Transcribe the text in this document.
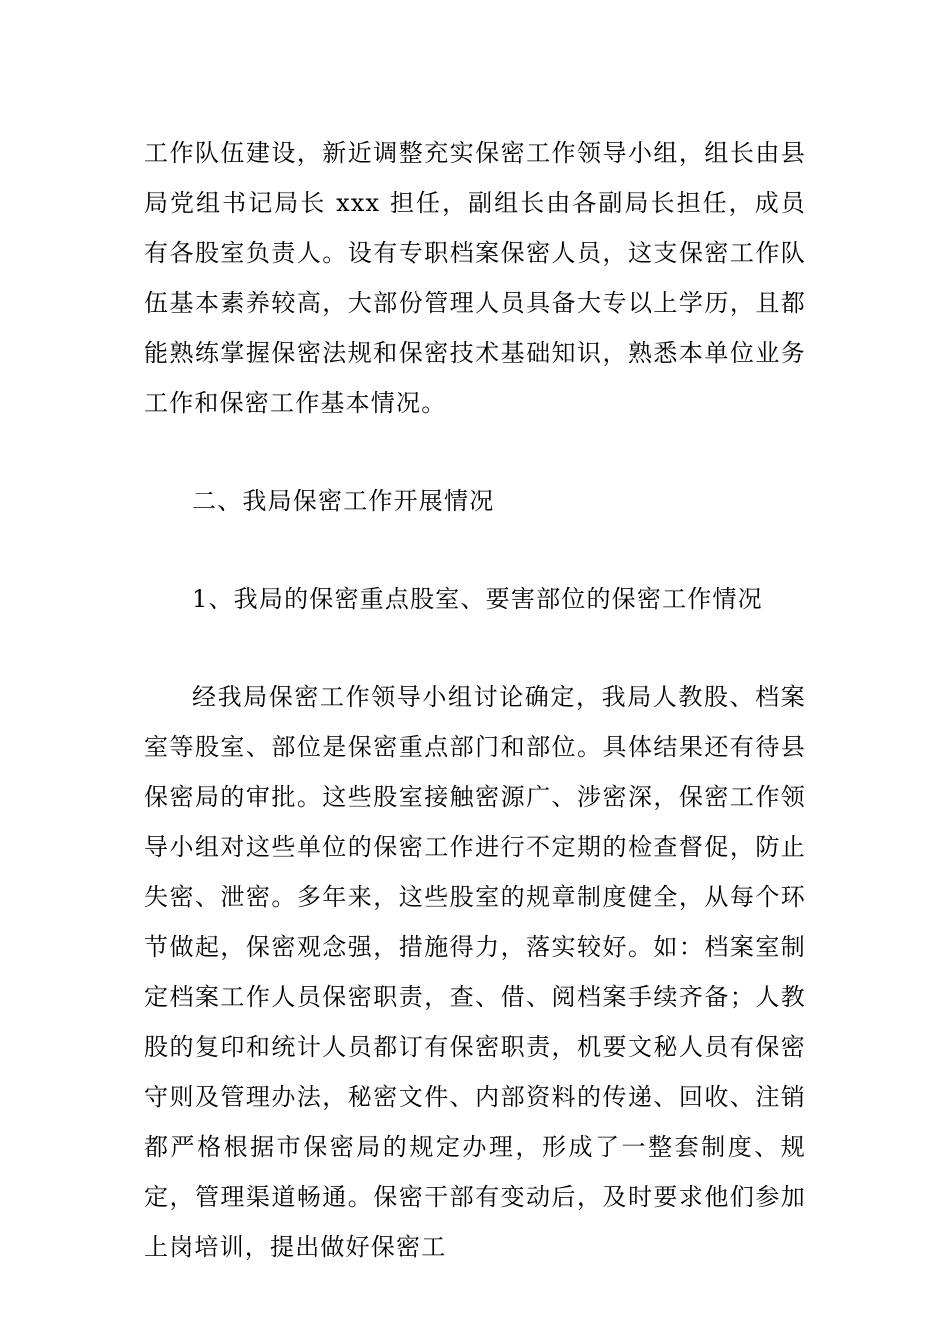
工作队伍建设，新近调整充实保密工作领导小组，组长由县局党组书记局长 xxx 担任，副组长由各副局长担任，成员有各股室负责人。设有专职档案保密人员，这支保密工作队伍基本素养较高，大部份管理人员具备大专以上学历，且都能熟练掌握保密法规和保密技术基础知识，熟悉本单位业务工作和保密工作基本情况。

二、我局保密工作开展情况

1、我局的保密重点股室、要害部位的保密工作情况

经我局保密工作领导小组讨论确定，我局人教股、档案室等股室、部位是保密重点部门和部位。具体结果还有待县保密局的审批。这些股室接触密源广、涉密深，保密工作领导小组对这些单位的保密工作进行不定期的检查督促，防止失密、泄密。多年来，这些股室的规章制度健全，从每个环节做起，保密观念强，措施得力，落实较好。如：档案室制定档案工作人员保密职责，查、借、阅档案手续齐备；人教股的复印和统计人员都订有保密职责，机要文秘人员有保密守则及管理办法，秘密文件、内部资料的传递、回收、注销都严格根据市保密局的规定办理，形成了一整套制度、规定，管理渠道畅通。保密干部有变动后，及时要求他们参加上岗培训，提出做好保密工
